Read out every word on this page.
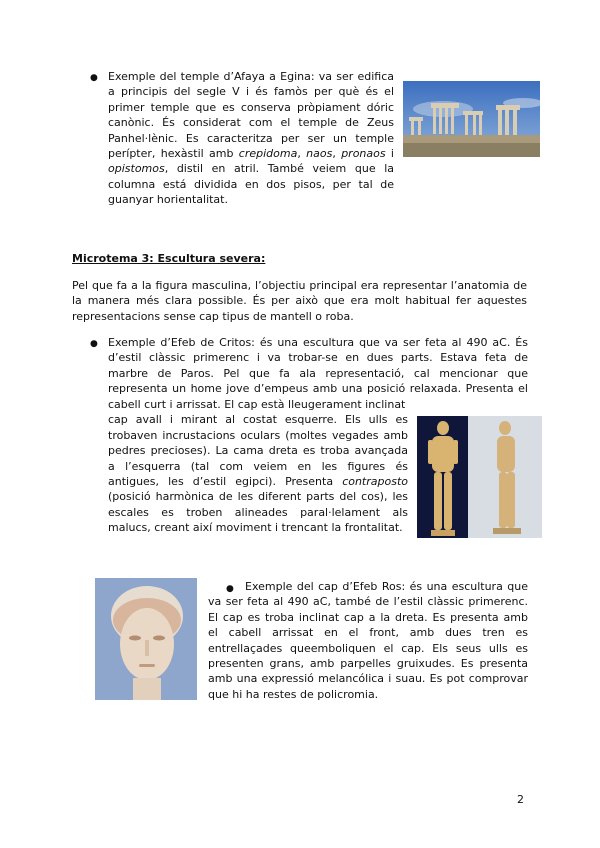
● Exemple del temple d’Afaya a Egina: va ser edifica
a principis del segle V i és famòs per què és el
primer temple que es conserva pròpiament dóric
canònic. És considerat com el temple de Zeus
Panhel·lènic. Es caracteritza per ser un temple
perípter, hexàstil amb crepidoma, naos, pronaos i
opistomos, distil en atril. També veiem que la
columna está dividida en dos pisos, per tal de
guanyar horientalitat.
Microtema 3: Escultura severa:
Pel que fa a la figura masculina, l’objectiu principal era representar l’anatomia de
la manera més clara possible. És per això que era molt habitual fer aquestes
representacions sense cap tipus de mantell o roba.
● Exemple d’Efeb de Critos: és una escultura que va ser feta al 490 aC. És
d’estil clàssic primerenc i va trobar-se en dues parts. Estava feta de
marbre de Paros. Pel que fa ala representació, cal mencionar que
representa un home jove d’empeus amb una posició relaxada. Presenta el
cabell curt i arrissat. El cap està lleugerament inclinat
cap avall i mirant al costat esquerre. Els ulls es
trobaven incrustacions oculars (moltes vegades amb
pedres precioses). La cama dreta es troba avançada
a l’esquerra (tal com veiem en les figures és
antigues, les d’estil egipci). Presenta contraposto
(posició harmònica de les diferent parts del cos), les
escales es troben alineades paral·lelament als
malucs, creant així moviment i trencant la frontalitat.
●	Exemple del cap d’Efeb Ros: és una escultura que
va ser feta al 490 aC, també de l’estil clàssic primerenc.
El cap es troba inclinat cap a la dreta. Es presenta amb
el cabell arrissat en el front, amb dues tren es
entrellaçades queemboliquen el cap. Els seus ulls es
presenten grans, amb parpelles gruixudes. Es presenta
amb una expressió melancólica i suau. Es pot comprovar
que hi ha restes de policromia.
2
